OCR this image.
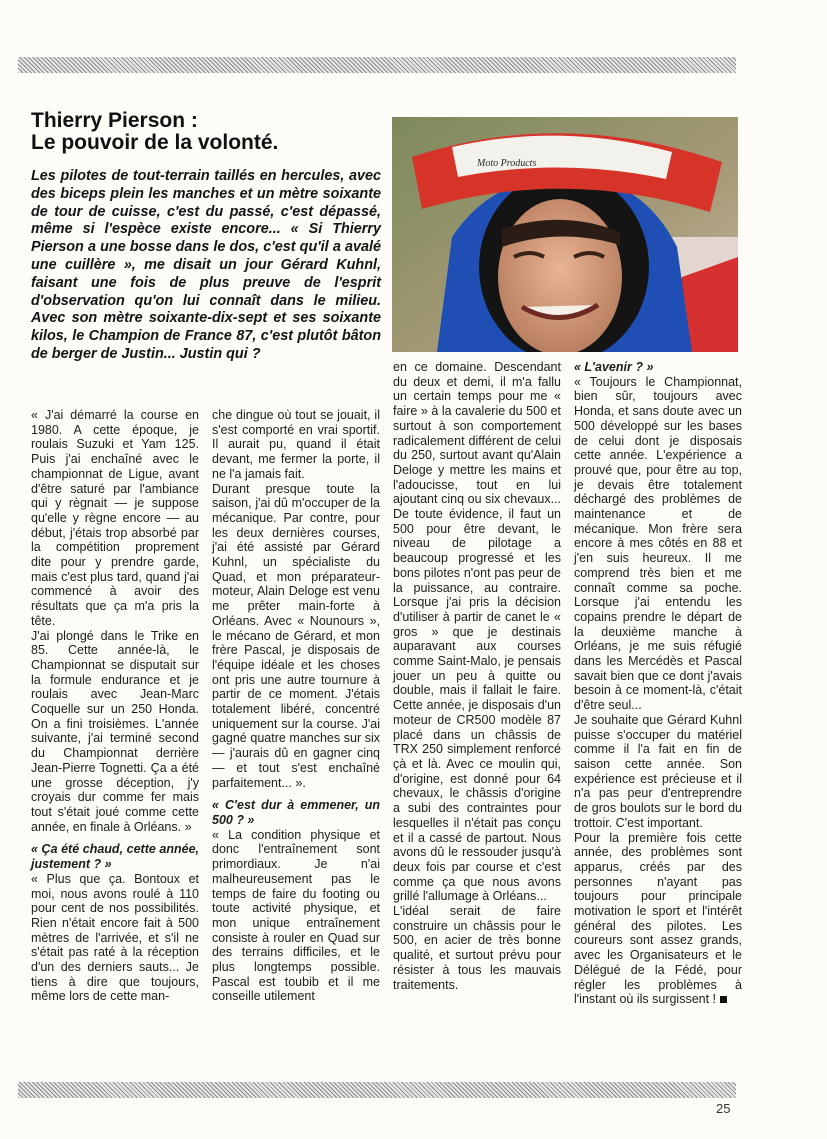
Thierry Pierson :
Le pouvoir de la volonté.
Les pilotes de tout-terrain taillés en hercules, avec des biceps plein les manches et un mètre soixante de tour de cuisse, c'est du passé, c'est dépassé, même si l'espèce existe encore... « Si Thierry Pierson a une bosse dans le dos, c'est qu'il a avalé une cuillère », me disait un jour Gérard Kuhnl, faisant une fois de plus preuve de l'esprit d'observation qu'on lui connaît dans le milieu. Avec son mètre soixante-dix-sept et ses soixante kilos, le Champion de France 87, c'est plutôt bâton de berger de Justin... Justin qui ?
Moto Products

« J'ai démarré la course en 1980. A cette époque, je roulais Suzuki et Yam 125. Puis j'ai enchaîné avec le championnat de Ligue, avant d'être saturé par l'ambiance qui y règnait — je suppose qu'elle y règne encore — au début, j'étais trop absorbé par la compétition proprement dite pour y prendre garde, mais c'est plus tard, quand j'ai commencé à avoir des résultats que ça m'a pris la tête.

J'ai plongé dans le Trike en 85. Cette année-là, le Championnat se disputait sur la formule endurance et je roulais avec Jean-Marc Coquelle sur un 250 Honda. On a fini troisièmes. L'année suivante, j'ai terminé second du Championnat derrière Jean-Pierre Tognetti. Ça a été une grosse déception, j'y croyais dur comme fer mais tout s'était joué comme cette année, en finale à Orléans. »

« Ça été chaud, cette année, justement ? »

« Plus que ça. Bontoux et moi, nous avons roulé à 110 pour cent de nos possibilités. Rien n'était encore fait à 500 mètres de l'arrivée, et s'il ne s'était pas raté à la réception d'un des derniers sauts... Je tiens à dire que toujours, même lors de cette man-

che dingue où tout se jouait, il s'est comporté en vrai sportif. Il aurait pu, quand il était devant, me fermer la porte, il ne l'a jamais fait.

Durant presque toute la saison, j'ai dû m'occuper de la mécanique. Par contre, pour les deux dernières courses, j'ai été assisté par Gérard Kuhnl, un spécialiste du Quad, et mon préparateur-moteur, Alain Deloge est venu me prêter main-forte à Orléans. Avec « Nounours », le mécano de Gérard, et mon frère Pascal, je disposais de l'équipe idéale et les choses ont pris une autre tournure à partir de ce moment. J'étais totalement libéré, concentré uniquement sur la course. J'ai gagné quatre manches sur six — j'aurais dû en gagner cinq — et tout s'est enchaîné parfaitement... ».

« C'est dur à emmener, un 500 ? »

« La condition physique et donc l'entraînement sont primordiaux. Je n'ai malheureusement pas le temps de faire du footing ou toute activité physique, et mon unique entraînement consiste à rouler en Quad sur des terrains difficiles, et le plus longtemps possible. Pascal est toubib et il me conseille utilement

en ce domaine. Descendant du deux et demi, il m'a fallu un certain temps pour me « faire » à la cavalerie du 500 et surtout à son comportement radicalement différent de celui du 250, surtout avant qu'Alain Deloge y mettre les mains et l'adoucisse, tout en lui ajoutant cinq ou six chevaux... De toute évidence, il faut un 500 pour être devant, le niveau de pilotage a beaucoup progressé et les bons pilotes n'ont pas peur de la puissance, au contraire. Lorsque j'ai pris la décision d'utiliser à partir de canet le « gros » que je destinais auparavant aux courses comme Saint-Malo, je pensais jouer un peu à quitte ou double, mais il fallait le faire. Cette année, je disposais d'un moteur de CR500 modèle 87 placé dans un châssis de TRX 250 simplement renforcé çà et là. Avec ce moulin qui, d'origine, est donné pour 64 chevaux, le châssis d'origine a subi des contraintes pour lesquelles il n'était pas conçu et il a cassé de partout. Nous avons dû le ressouder jusqu'à deux fois par course et c'est comme ça que nous avons grillé l'allumage à Orléans...

L'idéal serait de faire construire un châssis pour le 500, en acier de très bonne qualité, et surtout prévu pour résister à tous les mauvais traitements.

« L'avenir ? »

« Toujours le Championnat, bien sûr, toujours avec Honda, et sans doute avec un 500 développé sur les bases de celui dont je disposais cette année. L'expérience a prouvé que, pour être au top, je devais être totalement déchargé des problèmes de maintenance et de mécanique. Mon frère sera encore à mes côtés en 88 et j'en suis heureux. Il me comprend très bien et me connaît comme sa poche. Lorsque j'ai entendu les copains prendre le départ de la deuxième manche à Orléans, je me suis réfugié dans les Mercédès et Pascal savait bien que ce dont j'avais besoin à ce moment-là, c'était d'être seul...

Je souhaite que Gérard Kuhnl puisse s'occuper du matériel comme il l'a fait en fin de saison cette année. Son expérience est précieuse et il n'a pas peur d'entreprendre de gros boulots sur le bord du trottoir. C'est important.

Pour la première fois cette année, des problèmes sont apparus, créés par des personnes n'ayant pas toujours pour principale motivation le sport et l'intérêt général des pilotes. Les coureurs sont assez grands, avec les Organisateurs et le Délégué de la Fédé, pour régler les problèmes à l'instant où ils surgissent !

25
